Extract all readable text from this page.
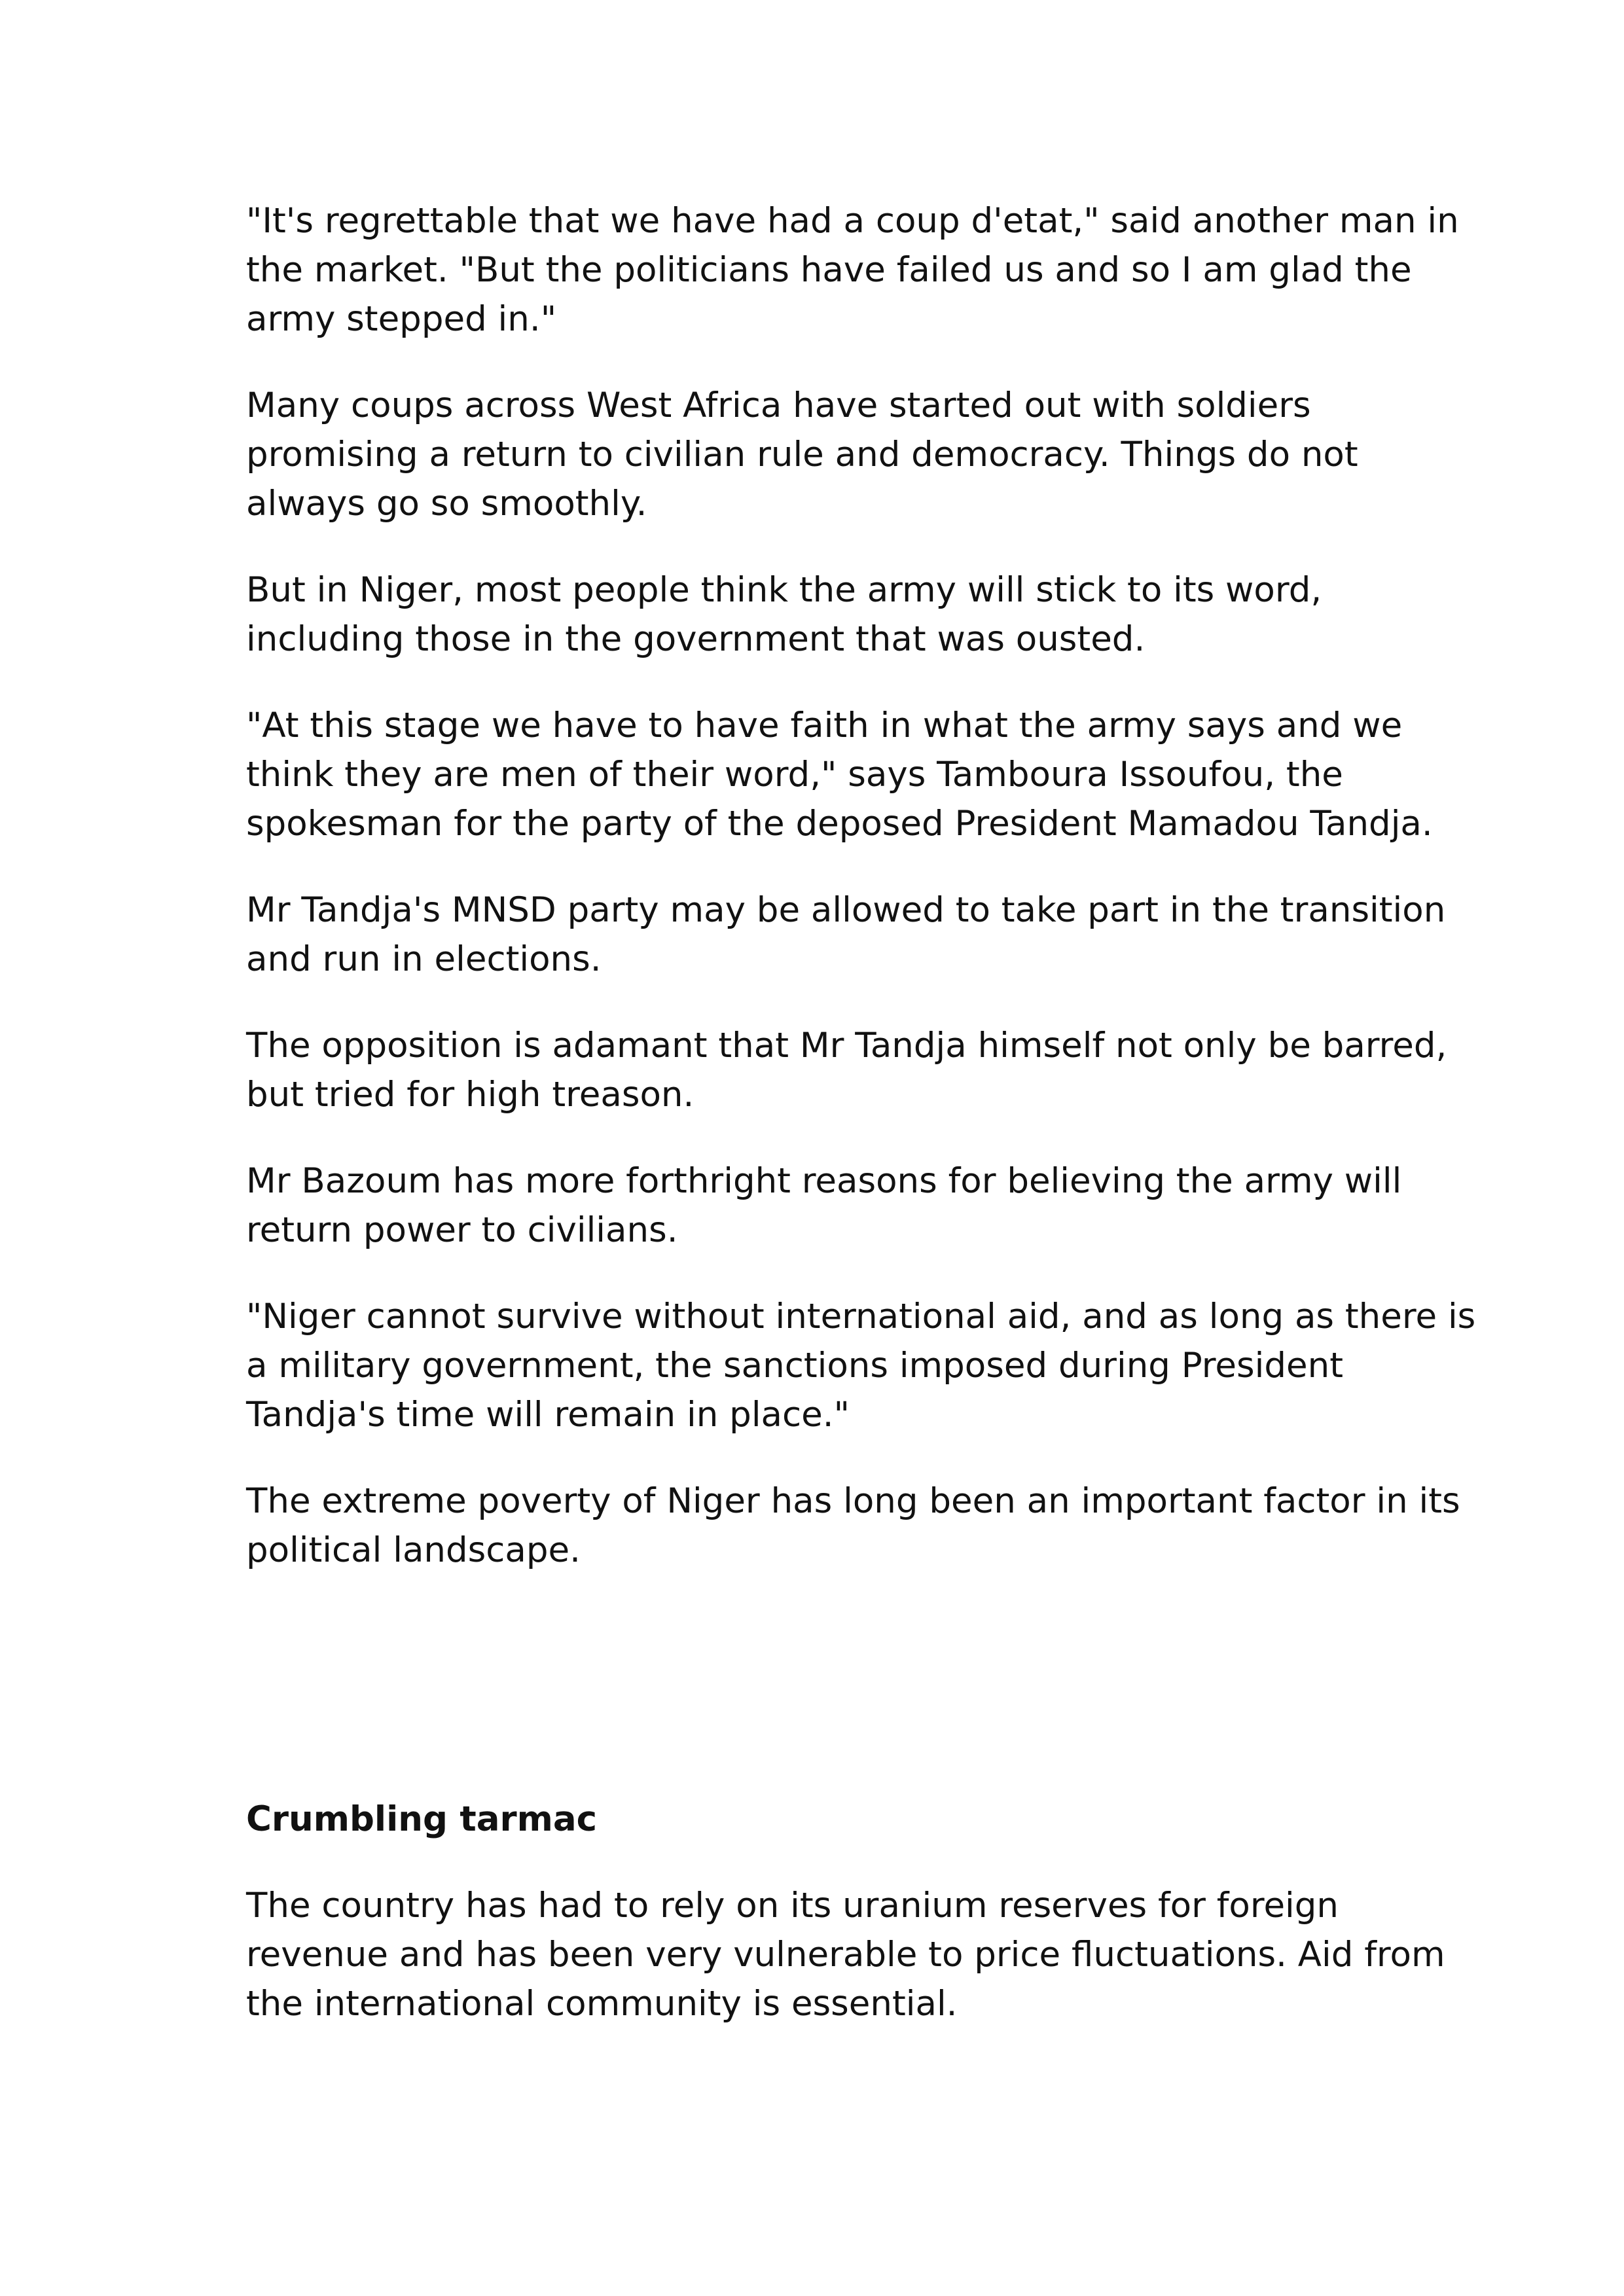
"It's regrettable that we have had a coup d'etat," said another man in
the market. "But the politicians have failed us and so I am glad the
army stepped in."

Many coups across West Africa have started out with soldiers
promising a return to civilian rule and democracy. Things do not
always go so smoothly.

But in Niger, most people think the army will stick to its word,
including those in the government that was ousted.

"At this stage we have to have faith in what the army says and we
think they are men of their word," says Tamboura Issoufou, the
spokesman for the party of the deposed President Mamadou Tandja.

Mr Tandja's MNSD party may be allowed to take part in the transition
and run in elections.

The opposition is adamant that Mr Tandja himself not only be barred,
but tried for high treason.

Mr Bazoum has more forthright reasons for believing the army will
return power to civilians.

"Niger cannot survive without international aid, and as long as there is
a military government, the sanctions imposed during President
Tandja's time will remain in place."

The extreme poverty of Niger has long been an important factor in its
political landscape.

Crumbling tarmac

The country has had to rely on its uranium reserves for foreign
revenue and has been very vulnerable to price fluctuations. Aid from
the international community is essential.
